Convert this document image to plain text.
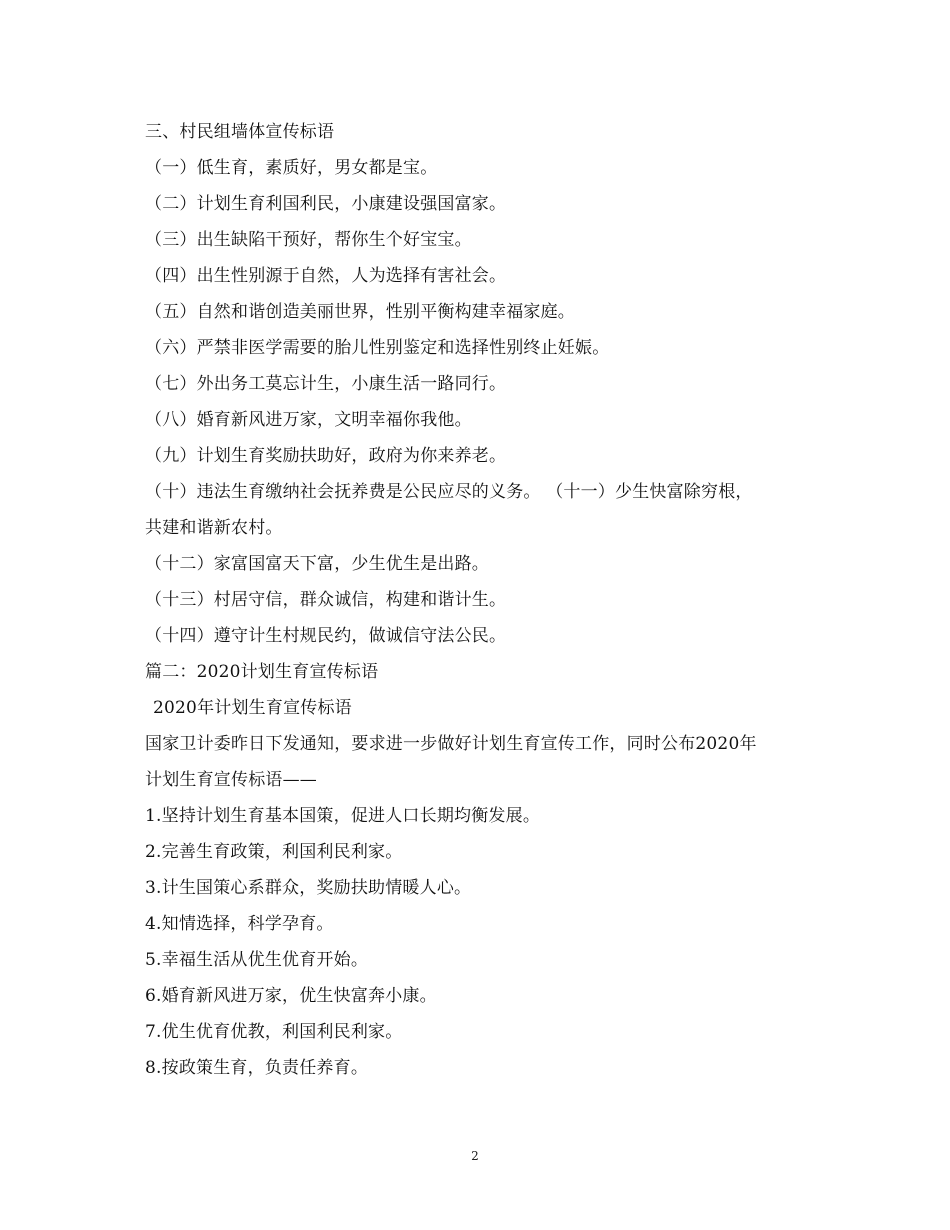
三、村民组墙体宣传标语
（一）低生育，素质好，男女都是宝。
（二）计划生育利国利民，小康建设强国富家。
（三）出生缺陷干预好，帮你生个好宝宝。
（四）出生性别源于自然，人为选择有害社会。
（五）自然和谐创造美丽世界，性别平衡构建幸福家庭。
（六）严禁非医学需要的胎儿性别鉴定和选择性别终止妊娠。
（七）外出务工莫忘计生，小康生活一路同行。
（八）婚育新风进万家，文明幸福你我他。
（九）计划生育奖励扶助好，政府为你来养老。
（十）违法生育缴纳社会抚养费是公民应尽的义务。 （十一）少生快富除穷根，
共建和谐新农村。
（十二）家富国富天下富，少生优生是出路。
（十三）村居守信，群众诚信，构建和谐计生。
（十四）遵守计生村规民约，做诚信守法公民。
篇二：2020计划生育宣传标语
2020年计划生育宣传标语
国家卫计委昨日下发通知，要求进一步做好计划生育宣传工作，同时公布2020年
计划生育宣传标语——
1.坚持计划生育基本国策，促进人口长期均衡发展。
2.完善生育政策，利国利民利家。
3.计生国策心系群众，奖励扶助情暖人心。
4.知情选择，科学孕育。
5.幸福生活从优生优育开始。
6.婚育新风进万家，优生快富奔小康。
7.优生优育优教，利国利民利家。
8.按政策生育，负责任养育。
2
